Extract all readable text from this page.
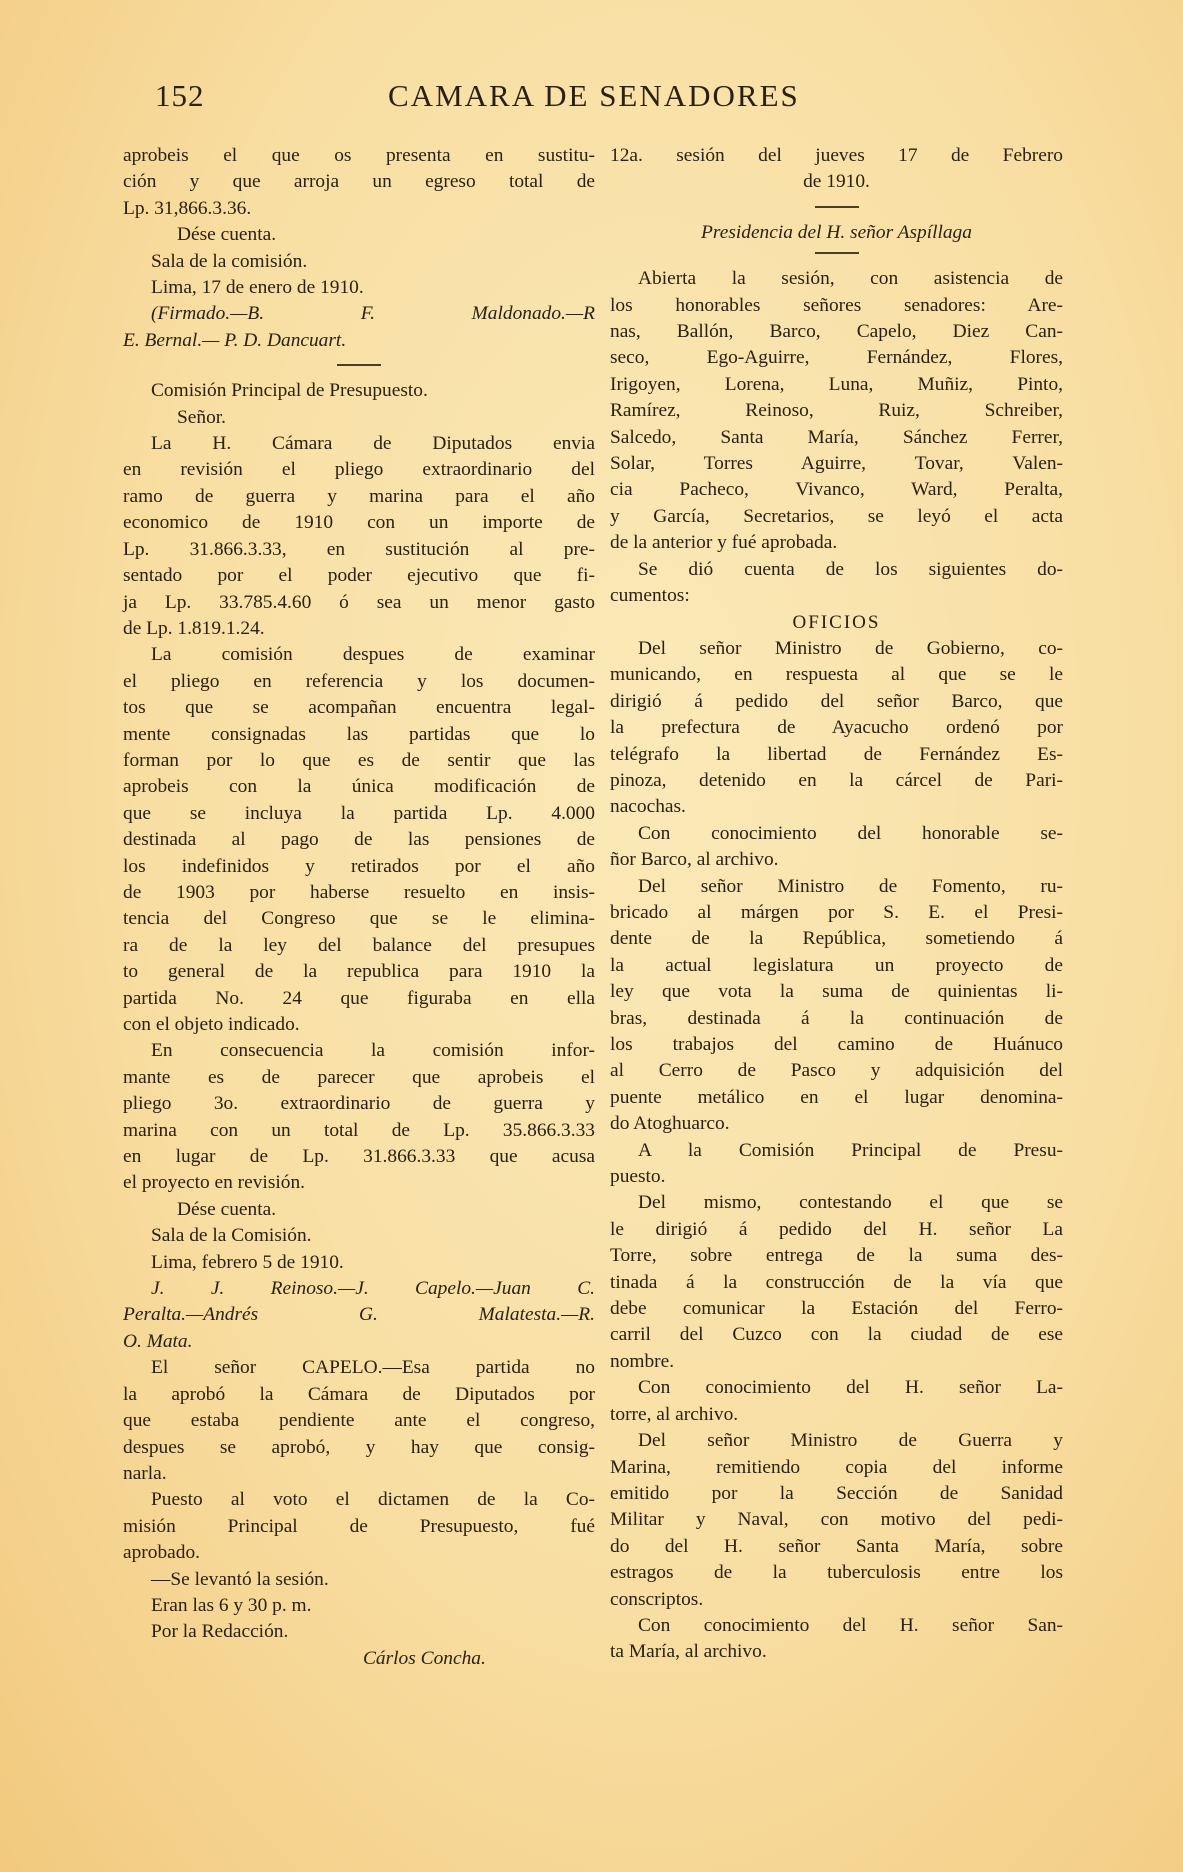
152	CAMARA DE SENADORES
aprobeis el que os presenta en sustitu-
ción y que arroja un egreso total de
Lp. 31,866.3.36.
Dése cuenta.
Sala de la comisión.
Lima, 17 de enero de 1910.
(Firmado.—B. F. Maldonado.—R
E. Bernal.— P. D. Dancuart.
Comisión Principal de Presupuesto.
Señor.
La H. Cámara de Diputados envia
en revisión el pliego extraordinario del
ramo de guerra y marina para el año
economico de 1910 con un importe de
Lp. 31.866.3.33, en sustitución al pre-
sentado por el poder ejecutivo que fi-
ja Lp. 33.785.4.60 ó sea un menor gasto
de Lp. 1.819.1.24.
La comisión despues de examinar
el pliego en referencia y los documen-
tos que se acompañan encuentra legal-
mente consignadas las partidas que lo
forman por lo que es de sentir que las
aprobeis con la única modificación de
que se incluya la partida Lp. 4.000
destinada al pago de las pensiones de
los indefinidos y retirados por el año
de 1903 por haberse resuelto en insis-
tencia del Congreso que se le elimina-
ra de la ley del balance del presupues
to general de la republica para 1910 la
partida No. 24 que figuraba en ella
con el objeto indicado.
En consecuencia la comisión infor-
mante es de parecer que aprobeis el
pliego 3o. extraordinario de guerra y
marina con un total de Lp. 35.866.3.33
en lugar de Lp. 31.866.3.33 que acusa
el proyecto en revisión.
Dése cuenta.
Sala de la Comisión.
Lima, febrero 5 de 1910.
J. J. Reinoso.—J. Capelo.—Juan C.
Peralta.—Andrés G. Malatesta.—R.
O. Mata.
El señor CAPELO.—Esa partida no
la aprobó la Cámara de Diputados por
que estaba pendiente ante el congreso,
despues se aprobó, y hay que consig-
narla.
Puesto al voto el dictamen de la Co-
misión Principal de Presupuesto, fué
aprobado.
—Se levantó la sesión.
Eran las 6 y 30 p. m.
Por la Redacción.
Cárlos Concha.
12a. sesión del jueves 17 de Febrero
de 1910.
Presidencia del H. señor Aspíllaga
Abierta la sesión, con asistencia de
los honorables señores senadores: Are-
nas, Ballón, Barco, Capelo, Diez Can-
seco, Ego-Aguirre, Fernández, Flores,
Irigoyen, Lorena, Luna, Muñiz, Pinto,
Ramírez, Reinoso, Ruiz, Schreiber,
Salcedo, Santa María, Sánchez Ferrer,
Solar, Torres Aguirre, Tovar, Valen-
cia Pacheco, Vivanco, Ward, Peralta,
y García, Secretarios, se leyó el acta
de la anterior y fué aprobada.
Se dió cuenta de los siguientes do-
cumentos:
OFICIOS
Del señor Ministro de Gobierno, co-
municando, en respuesta al que se le
dirigió á pedido del señor Barco, que
la prefectura de Ayacucho ordenó por
telégrafo la libertad de Fernández Es-
pinoza, detenido en la cárcel de Pari-
nacochas.
Con conocimiento del honorable se-
ñor Barco, al archivo.
Del señor Ministro de Fomento, ru-
bricado al márgen por S. E. el Presi-
dente de la República, sometiendo á
la actual legislatura un proyecto de
ley que vota la suma de quinientas li-
bras, destinada á la continuación de
los trabajos del camino de Huánuco
al Cerro de Pasco y adquisición del
puente metálico en el lugar denomina-
do Atoghuarco.
A la Comisión Principal de Presu-
puesto.
Del mismo, contestando el que se
le dirigió á pedido del H. señor La
Torre, sobre entrega de la suma des-
tinada á la construcción de la vía que
debe comunicar la Estación del Ferro-
carril del Cuzco con la ciudad de ese
nombre.
Con conocimiento del H. señor La-
torre, al archivo.
Del señor Ministro de Guerra y
Marina, remitiendo copia del informe
emitido por la Sección de Sanidad
Militar y Naval, con motivo del pedi-
do del H. señor Santa María, sobre
estragos de la tuberculosis entre los
conscriptos.
Con conocimiento del H. señor San-
ta María, al archivo.
